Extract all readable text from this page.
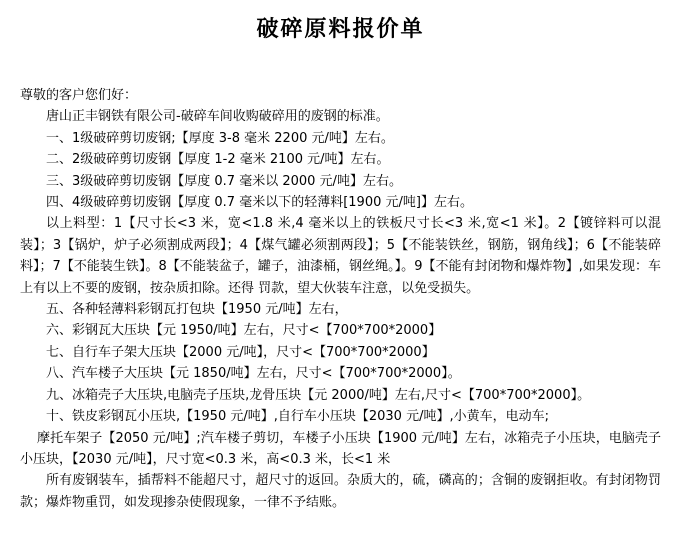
破碎原料报价单
尊敬的客户您们好：
唐山正丰钢铁有限公司-破碎车间收购破碎用的废钢的标准。
一、1级破碎剪切废钢;【厚度 3-8 毫米 2200 元/吨】左右。
二、2级破碎剪切废钢【厚度 1-2 毫米 2100 元/吨】左右。
三、3级破碎剪切废钢【厚度 0.7 毫米以 2000 元/吨】左右。
四、4级破碎剪切废钢【厚度 0.7 毫米以下的轻薄料[1900 元/吨]】左右。
以上料型：1【尺寸长<3 米，宽<1.8 米,4 毫米以上的铁板尺寸长<3 米,宽<1 米】。2【镀锌料可以混装】；3【锅炉，炉子必须割成两段】；4【煤气罐必须割两段】；5【不能装铁丝，钢筋，钢角线】；6【不能装碎料】；7【不能装生铁】。8【不能装盆子，罐子，油漆桶，钢丝绳。】。9【不能有封闭物和爆炸物】,如果发现：车上有以上不要的废钢，按杂质扣除。还得 罚款，望大伙装车注意，以免受损失。
五、各种轻薄料彩钢瓦打包块【1950 元/吨】左右，
六、彩钢瓦大压块【元 1950/吨】左右，尺寸<【700*700*2000】
七、自行车子架大压块【2000 元/吨】，尺寸<【700*700*2000】
八、汽车楼子大压块【元 1850/吨】左右，尺寸<【700*700*2000】。
九、冰箱壳子大压块,电脑壳子压块,龙骨压块【元 2000/吨】左右,尺寸<【700*700*2000】。
十、铁皮彩钢瓦小压块,【1950 元/吨】,自行车小压块【2030 元/吨】,小黄车，电动车;
摩托车架子【2050 元/吨】;汽车楼子剪切，车楼子小压块【1900 元/吨】左右，冰箱壳子小压块，电脑壳子小压块，【2030 元/吨】，尺寸宽<0.3 米，高<0.3 米，长<1 米
所有废钢装车，插帮料不能超尺寸，超尺寸的返回。杂质大的，硫，磷高的；含铜的废钢拒收。有封闭物罚款；爆炸物重罚，如发现掺杂使假现象，一律不予结账。
